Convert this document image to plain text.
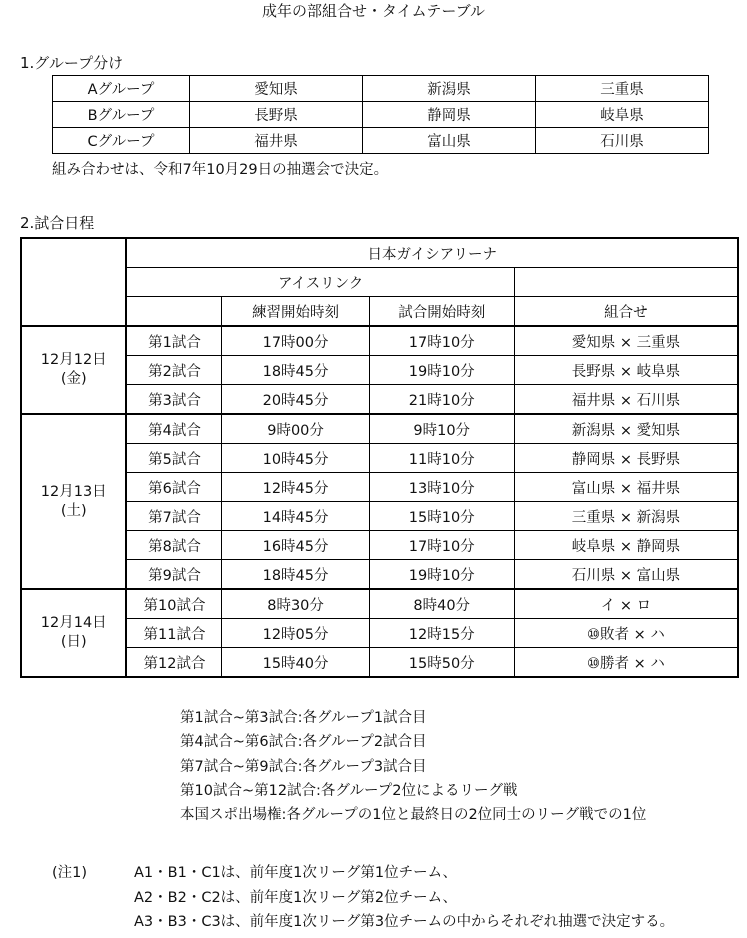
成年の部組合せ・タイムテーブル
1.グループ分け
Aグループ	愛知県	新潟県	三重県
Bグループ	長野県	静岡県	岐阜県
Cグループ	福井県	富山県	石川県
組み合わせは、令和7年10月29日の抽選会で決定。
2.試合日程
	日本ガイシアリーナ			
	アイスリンク			
		練習開始時刻	試合開始時刻	組合せ

12月12日
(金)	第1試合	17時00分	17時10分	愛知県 × 三重県
	第2試合	18時45分	19時10分	長野県 × 岐阜県
	第3試合	20時45分	21時10分	福井県 × 石川県

12月13日
(土)	第4試合	9時00分	9時10分	新潟県 × 愛知県
	第5試合	10時45分	11時10分	静岡県 × 長野県
	第6試合	12時45分	13時10分	富山県 × 福井県
	第7試合	14時45分	15時10分	三重県 × 新潟県
	第8試合	16時45分	17時10分	岐阜県 × 静岡県
	第9試合	18時45分	19時10分	石川県 × 富山県

12月14日
(日)	第10試合	8時30分	8時40分	イ × ロ
	第11試合	12時05分	12時15分	⑩敗者 × ハ
	第12試合	15時40分	15時50分	⑩勝者 × ハ
第1試合~第3試合:各グループ1試合目
第4試合~第6試合:各グループ2試合目
第7試合~第9試合:各グループ3試合目
第10試合~第12試合:各グループ2位によるリーグ戦
本国スポ出場権:各グループの1位と最終日の2位同士のリーグ戦での1位
(注1)	A1・B1・C1は、前年度1次リーグ第1位チーム、
A2・B2・C2は、前年度1次リーグ第2位チーム、
A3・B3・C3は、前年度1次リーグ第3位チームの中からそれぞれ抽選で決定する。
